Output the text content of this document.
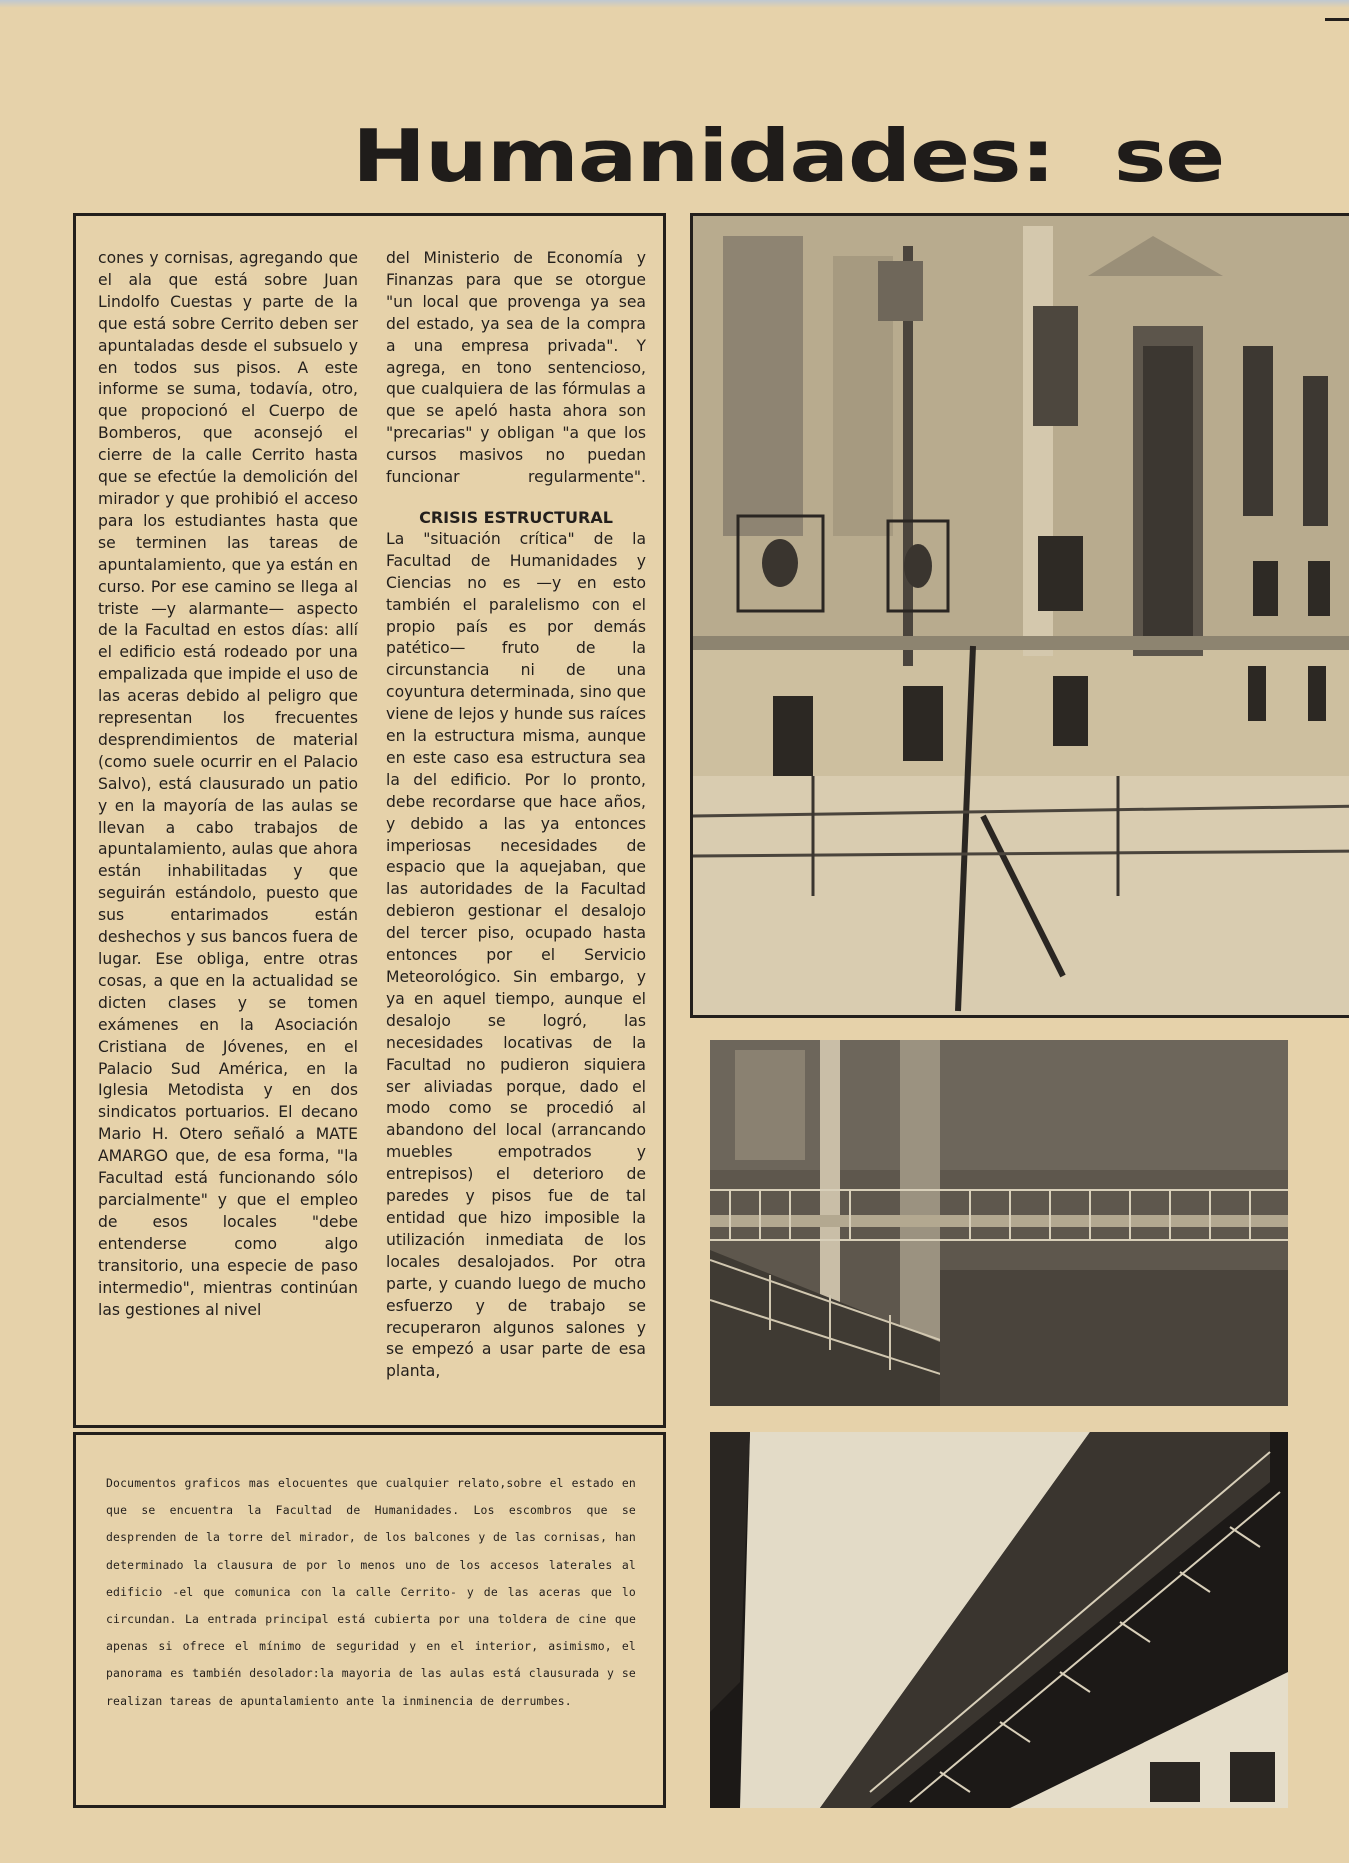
Humanidades:  se

cones y cornisas, agregando que el ala que está sobre Juan Lindolfo Cuestas y parte de la que está sobre Cerrito deben ser apuntaladas desde el subsuelo y en todos sus pisos. A este informe se suma, todavía, otro, que propocionó el Cuerpo de Bomberos, que aconsejó el cierre de la calle Cerrito hasta que se efectúe la demolición del mirador y que prohibió el acceso para los estudiantes hasta que se terminen las tareas de apuntalamiento, que ya están en curso. Por ese camino se llega al triste —y alarmante— aspecto de la Facultad en estos días: allí el edificio está rodeado por una empalizada que impide el uso de las aceras debido al peligro que representan los frecuentes desprendimientos de material (como suele ocurrir en el Palacio Salvo), está clausurado un patio y en la mayoría de las aulas se llevan a cabo trabajos de apuntalamiento, aulas que ahora están inhabilitadas y que seguirán estándolo, puesto que sus entarimados están deshechos y sus bancos fuera de lugar. Ese obliga, entre otras cosas, a que en la actualidad se dicten clases y se tomen exámenes en la Asociación Cristiana de Jóvenes, en el Palacio Sud América, en la Iglesia Metodista y en dos sindicatos portuarios. El decano Mario H. Otero señaló a MATE AMARGO que, de esa forma, "la Facultad está funcionando sólo parcialmente" y que el empleo de esos locales "debe entenderse como algo transitorio, una especie de paso intermedio", mientras continúan las gestiones al nivel

del Ministerio de Economía y Finanzas para que se otorgue "un local que provenga ya sea del estado, ya sea de la compra a una empresa privada". Y agrega, en tono sentencioso, que cualquiera de las fórmulas a que se apeló hasta ahora son "precarias" y obligan "a que los cursos masivos no puedan funcionar regularmente".

CRISIS ESTRUCTURAL

La "situación crítica" de la Facultad de Humanidades y Ciencias no es —y en esto también el paralelismo con el propio país es por demás patético— fruto de la circunstancia ni de una coyuntura determinada, sino que viene de lejos y hunde sus raíces en la estructura misma, aunque en este caso esa estructura sea la del edificio. Por lo pronto, debe recordarse que hace años, y debido a las ya entonces imperiosas necesidades de espacio que la aquejaban, que las autoridades de la Facultad debieron gestionar el desalojo del tercer piso, ocupado hasta entonces por el Servicio Meteorológico. Sin embargo, y ya en aquel tiempo, aunque el desalojo se logró, las necesidades locativas de la Facultad no pudieron siquiera ser aliviadas porque, dado el modo como se procedió al abandono del local (arrancando muebles empotrados y entrepisos) el deterioro de paredes y pisos fue de tal entidad que hizo imposible la utilización inmediata de los locales desalojados. Por otra parte, y cuando luego de mucho esfuerzo y de trabajo se recuperaron algunos salones y se empezó a usar parte de esa planta,

Documentos graficos mas elocuentes que cualquier relato,sobre el estado en que se encuentra la Facultad de Humanidades. Los escombros que se desprenden de la torre del mirador, de los balcones y de las cornisas, han determinado la clausura de por lo menos uno de los accesos laterales al edificio -el que comunica con la calle Cerrito- y de las aceras que lo circundan. La entrada principal está cubierta por una toldera de cine que apenas si ofrece el mínimo de seguridad y en el interior, asimismo, el panorama es también desolador:la mayoria de las aulas está clausurada y se realizan tareas de apuntalamiento ante la inminencia de derrumbes.
